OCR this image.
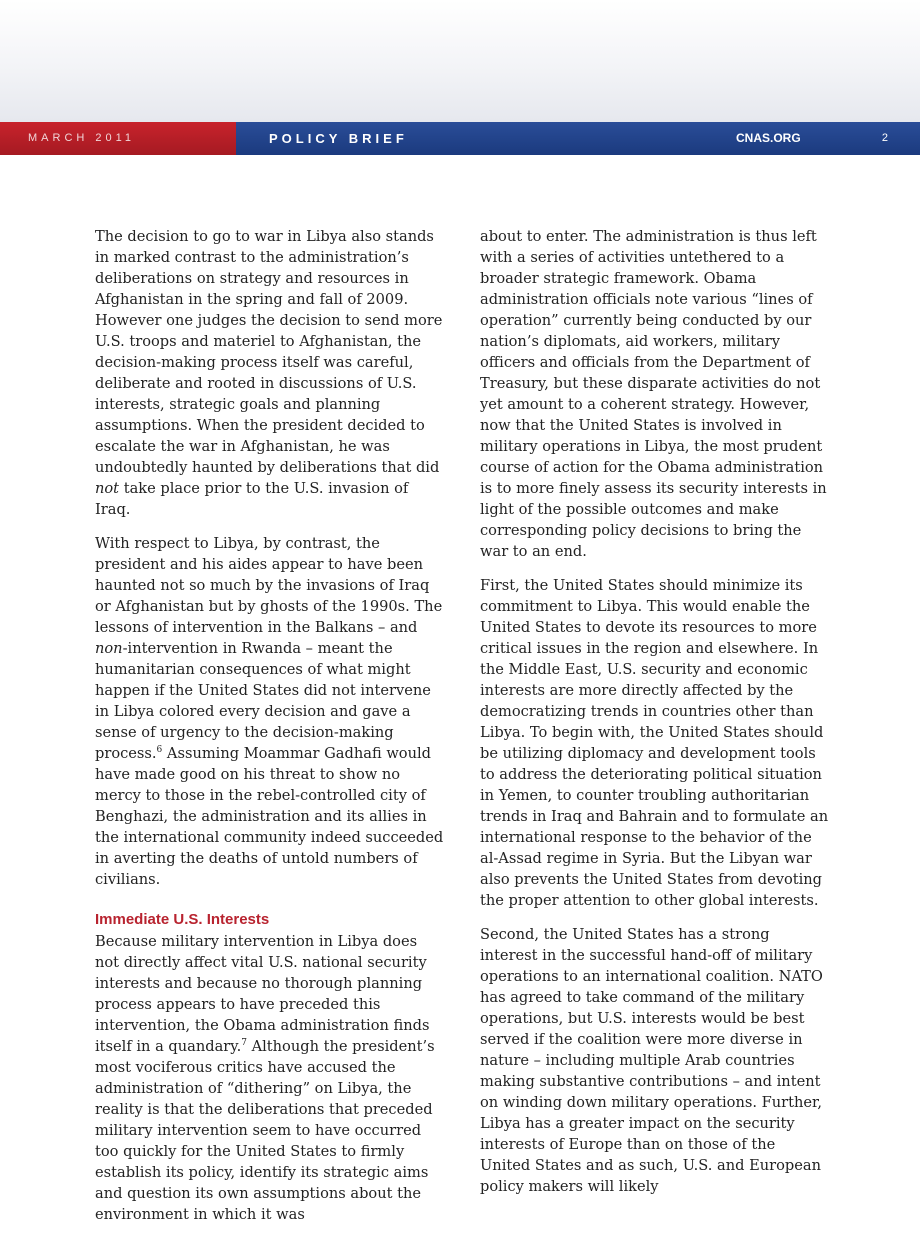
MARCH 2011	POLICY BRIEF	CNAS.ORG	2

The decision to go to war in Libya also stands in marked contrast to the administration’s deliberations on strategy and resources in Afghanistan in the spring and fall of 2009. However one judges the decision to send more U.S. troops and materiel to Afghanistan, the decision-making process itself was careful, deliberate and rooted in discussions of U.S. interests, strategic goals and planning assumptions. When the president decided to escalate the war in Afghanistan, he was undoubtedly haunted by deliberations that did not take place prior to the U.S. invasion of Iraq.

With respect to Libya, by contrast, the president and his aides appear to have been haunted not so much by the invasions of Iraq or Afghanistan but by ghosts of the 1990s. The lessons of intervention in the Balkans – and non-intervention in Rwanda – meant the humanitarian consequences of what might happen if the United States did not intervene in Libya colored every decision and gave a sense of urgency to the decision-making process.$^6$ Assuming Moammar Gadhafi would have made good on his threat to show no mercy to those in the rebel-controlled city of Benghazi, the administration and its allies in the international community indeed succeeded in averting the deaths of untold numbers of civilians.

Immediate U.S. Interests

Because military intervention in Libya does not directly affect vital U.S. national security interests and because no thorough planning process appears to have preceded this intervention, the Obama administration finds itself in a quandary.$^7$ Although the president’s most vociferous critics have accused the administration of “dithering” on Libya, the reality is that the deliberations that preceded military intervention seem to have occurred too quickly for the United States to firmly establish its policy, identify its strategic aims and question its own assumptions about the environment in which it was

about to enter. The administration is thus left with a series of activities untethered to a broader strategic framework. Obama administration officials note various “lines of operation” currently being conducted by our nation’s diplomats, aid workers, military officers and officials from the Department of Treasury, but these disparate activities do not yet amount to a coherent strategy. However, now that the United States is involved in military operations in Libya, the most prudent course of action for the Obama administration is to more finely assess its security interests in light of the possible outcomes and make corresponding policy decisions to bring the war to an end.

First, the United States should minimize its commitment to Libya. This would enable the United States to devote its resources to more critical issues in the region and elsewhere. In the Middle East, U.S. security and economic interests are more directly affected by the democratizing trends in countries other than Libya. To begin with, the United States should be utilizing diplomacy and development tools to address the deteriorating political situation in Yemen, to counter troubling authoritarian trends in Iraq and Bahrain and to formulate an international response to the behavior of the al-Assad regime in Syria. But the Libyan war also prevents the United States from devoting the proper attention to other global interests.

Second, the United States has a strong interest in the successful hand-off of military operations to an international coalition. NATO has agreed to take command of the military operations, but U.S. interests would be best served if the coalition were more diverse in nature – including multiple Arab countries making substantive contributions – and intent on winding down military operations. Further, Libya has a greater impact on the security interests of Europe than on those of the United States and as such, U.S. and European policy makers will likely
